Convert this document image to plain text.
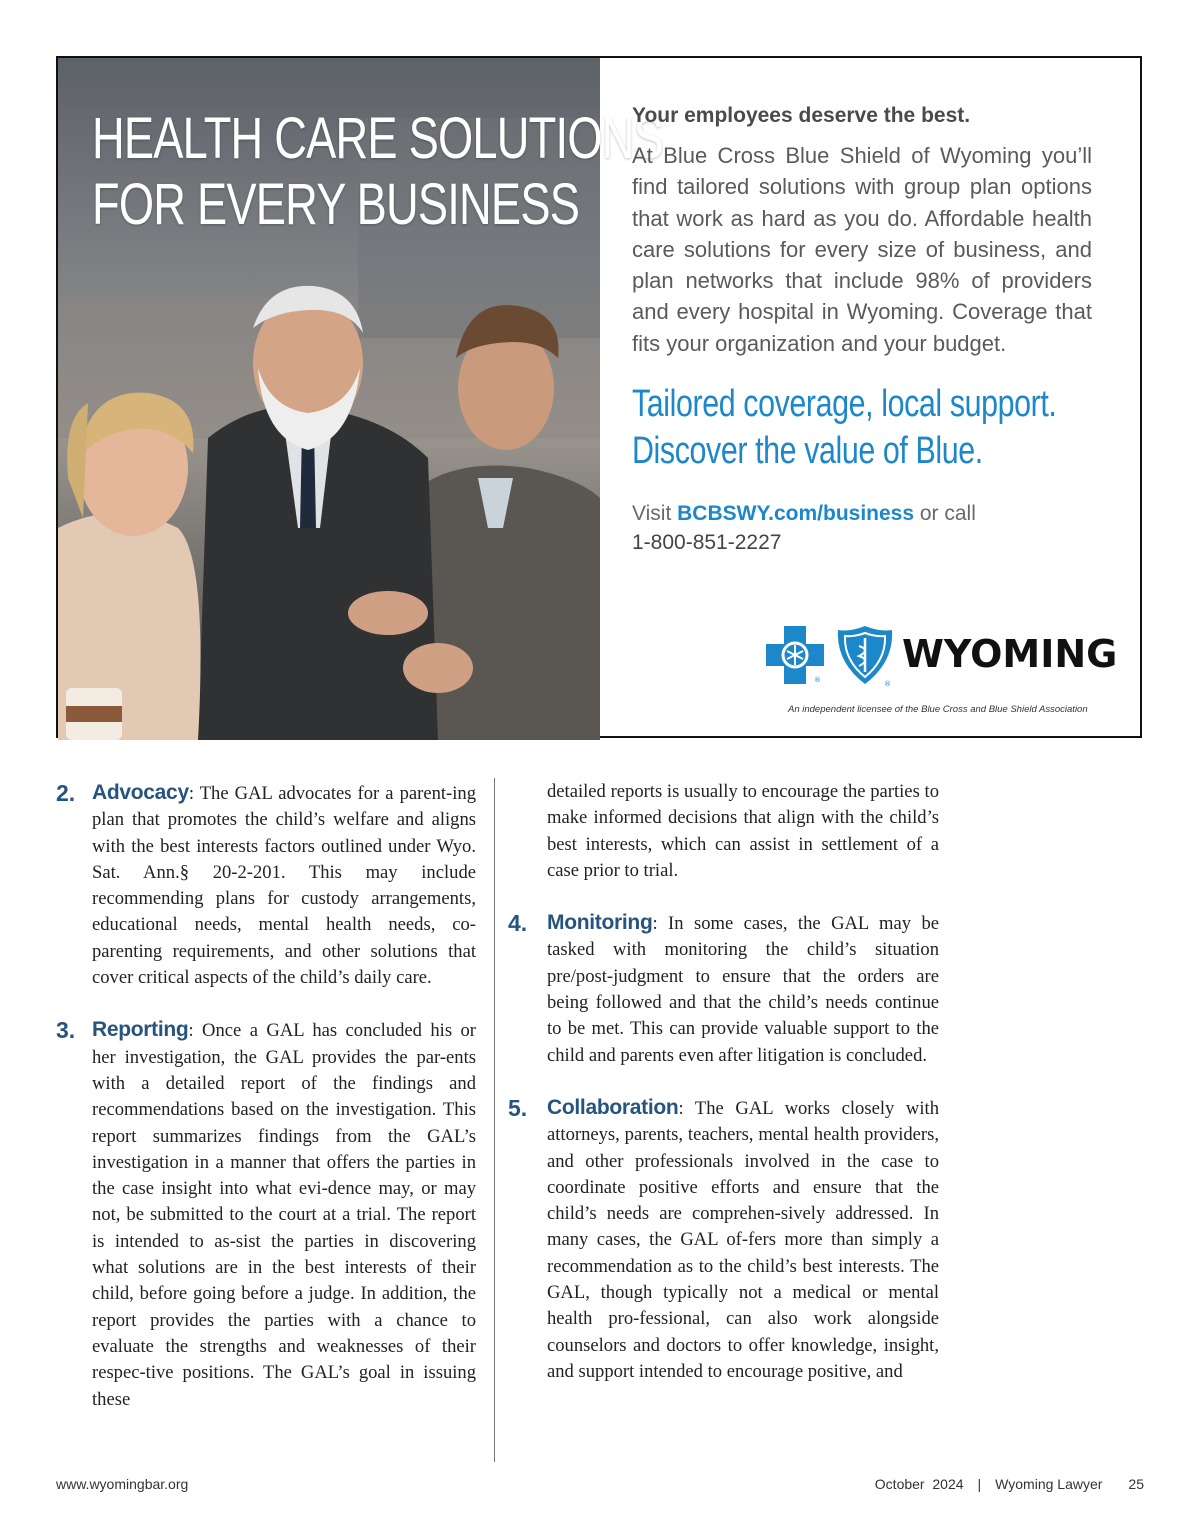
HEALTH CARE SOLUTIONS
FOR EVERY BUSINESS

Your employees deserve the best.

At Blue Cross Blue Shield of Wyoming you’ll find tailored solutions with group plan options that work as hard as you do. Affordable health care solutions for every size of business, and plan networks that include 98% of providers and every hospital in Wyoming. Coverage that fits your organization and your budget.

Tailored coverage, local support.
Discover the value of Blue.

Visit BCBSWY.com/business or call
1-800-851-2227

®	®
WYOMING
An independent licensee of the Blue Cross and Blue Shield Association

2. Advocacy: The GAL advocates for a parent-ing plan that promotes the child’s welfare and aligns with the best interests factors outlined under Wyo. Sat. Ann.§ 20-2-201. This may include recommending plans for custody arrangements, educational needs, mental health needs, co-parenting requirements, and other solutions that cover critical aspects of the child’s daily care.

3. Reporting: Once a GAL has concluded his or her investigation, the GAL provides the par-ents with a detailed report of the findings and recommendations based on the investigation. This report summarizes findings from the GAL’s investigation in a manner that offers the parties in the case insight into what evi-dence may, or may not, be submitted to the court at a trial. The report is intended to as-sist the parties in discovering what solutions are in the best interests of their child, before going before a judge. In addition, the report provides the parties with a chance to evaluate the strengths and weaknesses of their respec-tive positions. The GAL’s goal in issuing these

detailed reports is usually to encourage the parties to make informed decisions that align with the child’s best interests, which can assist in settlement of a case prior to trial.

4. Monitoring: In some cases, the GAL may be tasked with monitoring the child’s situation pre/post-judgment to ensure that the orders are being followed and that the child’s needs continue to be met. This can provide valuable support to the child and parents even after litigation is concluded.

5. Collaboration: The GAL works closely with attorneys, parents, teachers, mental health providers, and other professionals involved in the case to coordinate positive efforts and ensure that the child’s needs are comprehen-sively addressed. In many cases, the GAL of-fers more than simply a recommendation as to the child’s best interests. The GAL, though typically not a medical or mental health pro-fessional, can also work alongside counselors and doctors to offer knowledge, insight, and support intended to encourage positive, and

www.wyomingbar.org	October  2024 | Wyoming Lawyer 25
